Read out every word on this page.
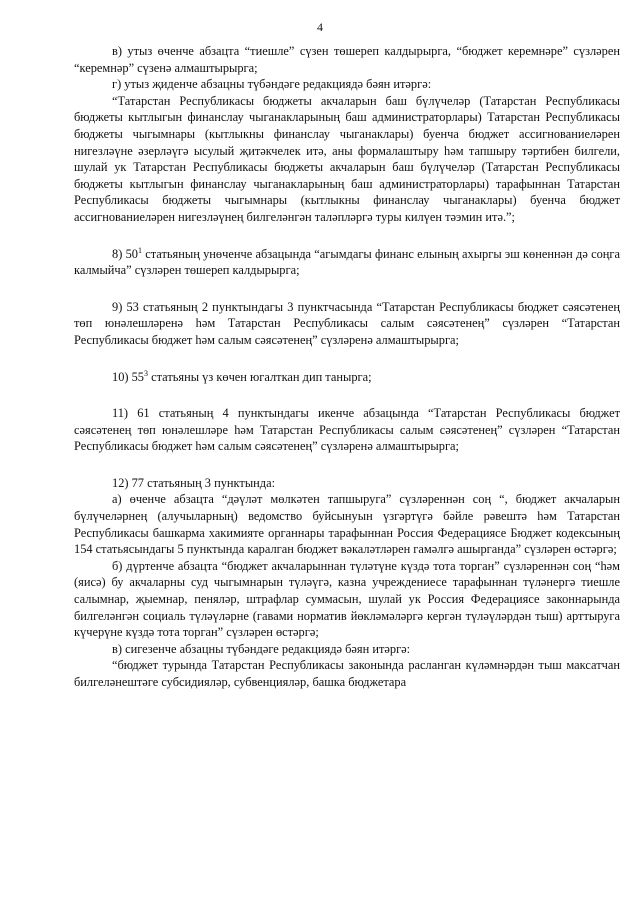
4

в) утыз өченче абзацта “тиешле” сүзен төшереп калдырырга, “бюджет керемнәре” сүзләрен “керемнәр” сүзенә алмаштырырга;

г) утыз җиденче абзацны түбәндәге редакциядә бәян итәргә:

“Татарстан Республикасы бюджеты акчаларын баш бүлүчеләр (Татарстан Республикасы бюджеты кытлыгын финанслау чыганакларының баш администраторлары) Татарстан Республикасы бюджеты чыгымнары (кытлыкны финанслау чыганаклары) буенча бюджет ассигнованиеләрен нигезләүне әзерләүгә ысулый җитәкчелек итә, аны формалаштыру һәм тапшыру тәртибен билгели, шулай ук Татарстан Республикасы бюджеты акчаларын баш бүлүчеләр (Татарстан Республикасы бюджеты кытлыгын финанслау чыганакларының баш администраторлары) тарафыннан Татарстан Республикасы бюджеты чыгымнары (кытлыкны финанслау чыганаклары) буенча бюджет ассигнованиеләрен нигезләүнең билгеләнгән таләпләргә туры килүен тәэмин итә.”;

8) $50^1$ статьяның унөченче абзацында “агымдагы финанс елының ахыргы эш көненнән дә соңга калмыйча” сүзләрен төшереп калдырырга;

9) 53 статьяның 2 пунктындагы 3 пунктчасында “Татарстан Республикасы бюджет сәясәтенең төп юнәлешләренә һәм Татарстан Республикасы салым сәясәтенең” сүзләрен “Татарстан Республикасы бюджет һәм салым сәясәтенең” сүзләренә алмаштырырга;

10) $55^3$ статьяны үз көчен югалткан дип танырга;

11) 61 статьяның 4 пунктындагы икенче абзацында “Татарстан Республикасы бюджет сәясәтенең төп юнәлешләре һәм Татарстан Республикасы салым сәясәтенең” сүзләрен “Татарстан Республикасы бюджет һәм салым сәясәтенең” сүзләренә алмаштырырга;

12) 77 статьяның 3 пунктында:

а) өченче абзацта “дәүләт мөлкәтен тапшыруга” сүзләреннән соң “, бюджет акчаларын бүлүчеләрнең (алучыларның) ведомство буйсынуын үзгәртүгә бәйле рәвештә һәм Татарстан Республикасы башкарма хакимияте органнары тарафыннан Россия Федерациясе Бюджет кодексының 154 статьясындагы 5 пунктында каралган бюджет вәкаләтләрен гамәлгә ашырганда” сүзләрен өстәргә;

б) дүртенче абзацта “бюджет акчаларыннан түләтүне күздә тота торган” сүзләреннән соң “һәм (яисә) бу акчаларны суд чыгымнарын түләүгә, казна учреждениесе тарафыннан түләнергә тиешле салымнар, җыемнар, пеняләр, штрафлар суммасын, шулай ук Россия Федерациясе законнарында билгеләнгән социаль түләүләрне (гавами норматив йөкләмәләргә кергән түләүләрдән тыш) арттыруга күчерүне күздә тота торган” сүзләрен өстәргә;

в) сигезенче абзацны түбәндәге редакциядә бәян итәргә:

“бюджет турында Татарстан Республикасы законында расланган күләмнәрдән тыш максатчан билгеләнештәге субсидияләр, субвенцияләр, башка бюджетара
